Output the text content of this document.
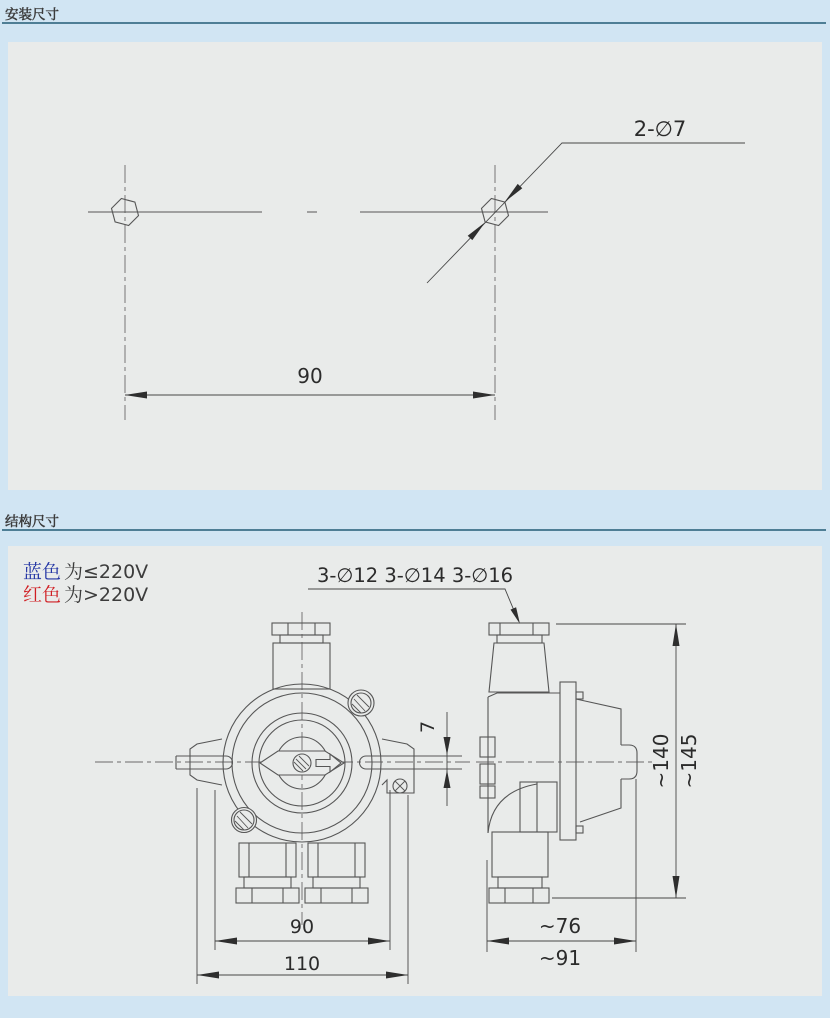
安装尺寸
2-∅7
90
结构尺寸
蓝色 为≤220V
红色 为>220V
3-∅12 3-∅14 3-∅16
7
90
110
~140 ~145
~76
~91
